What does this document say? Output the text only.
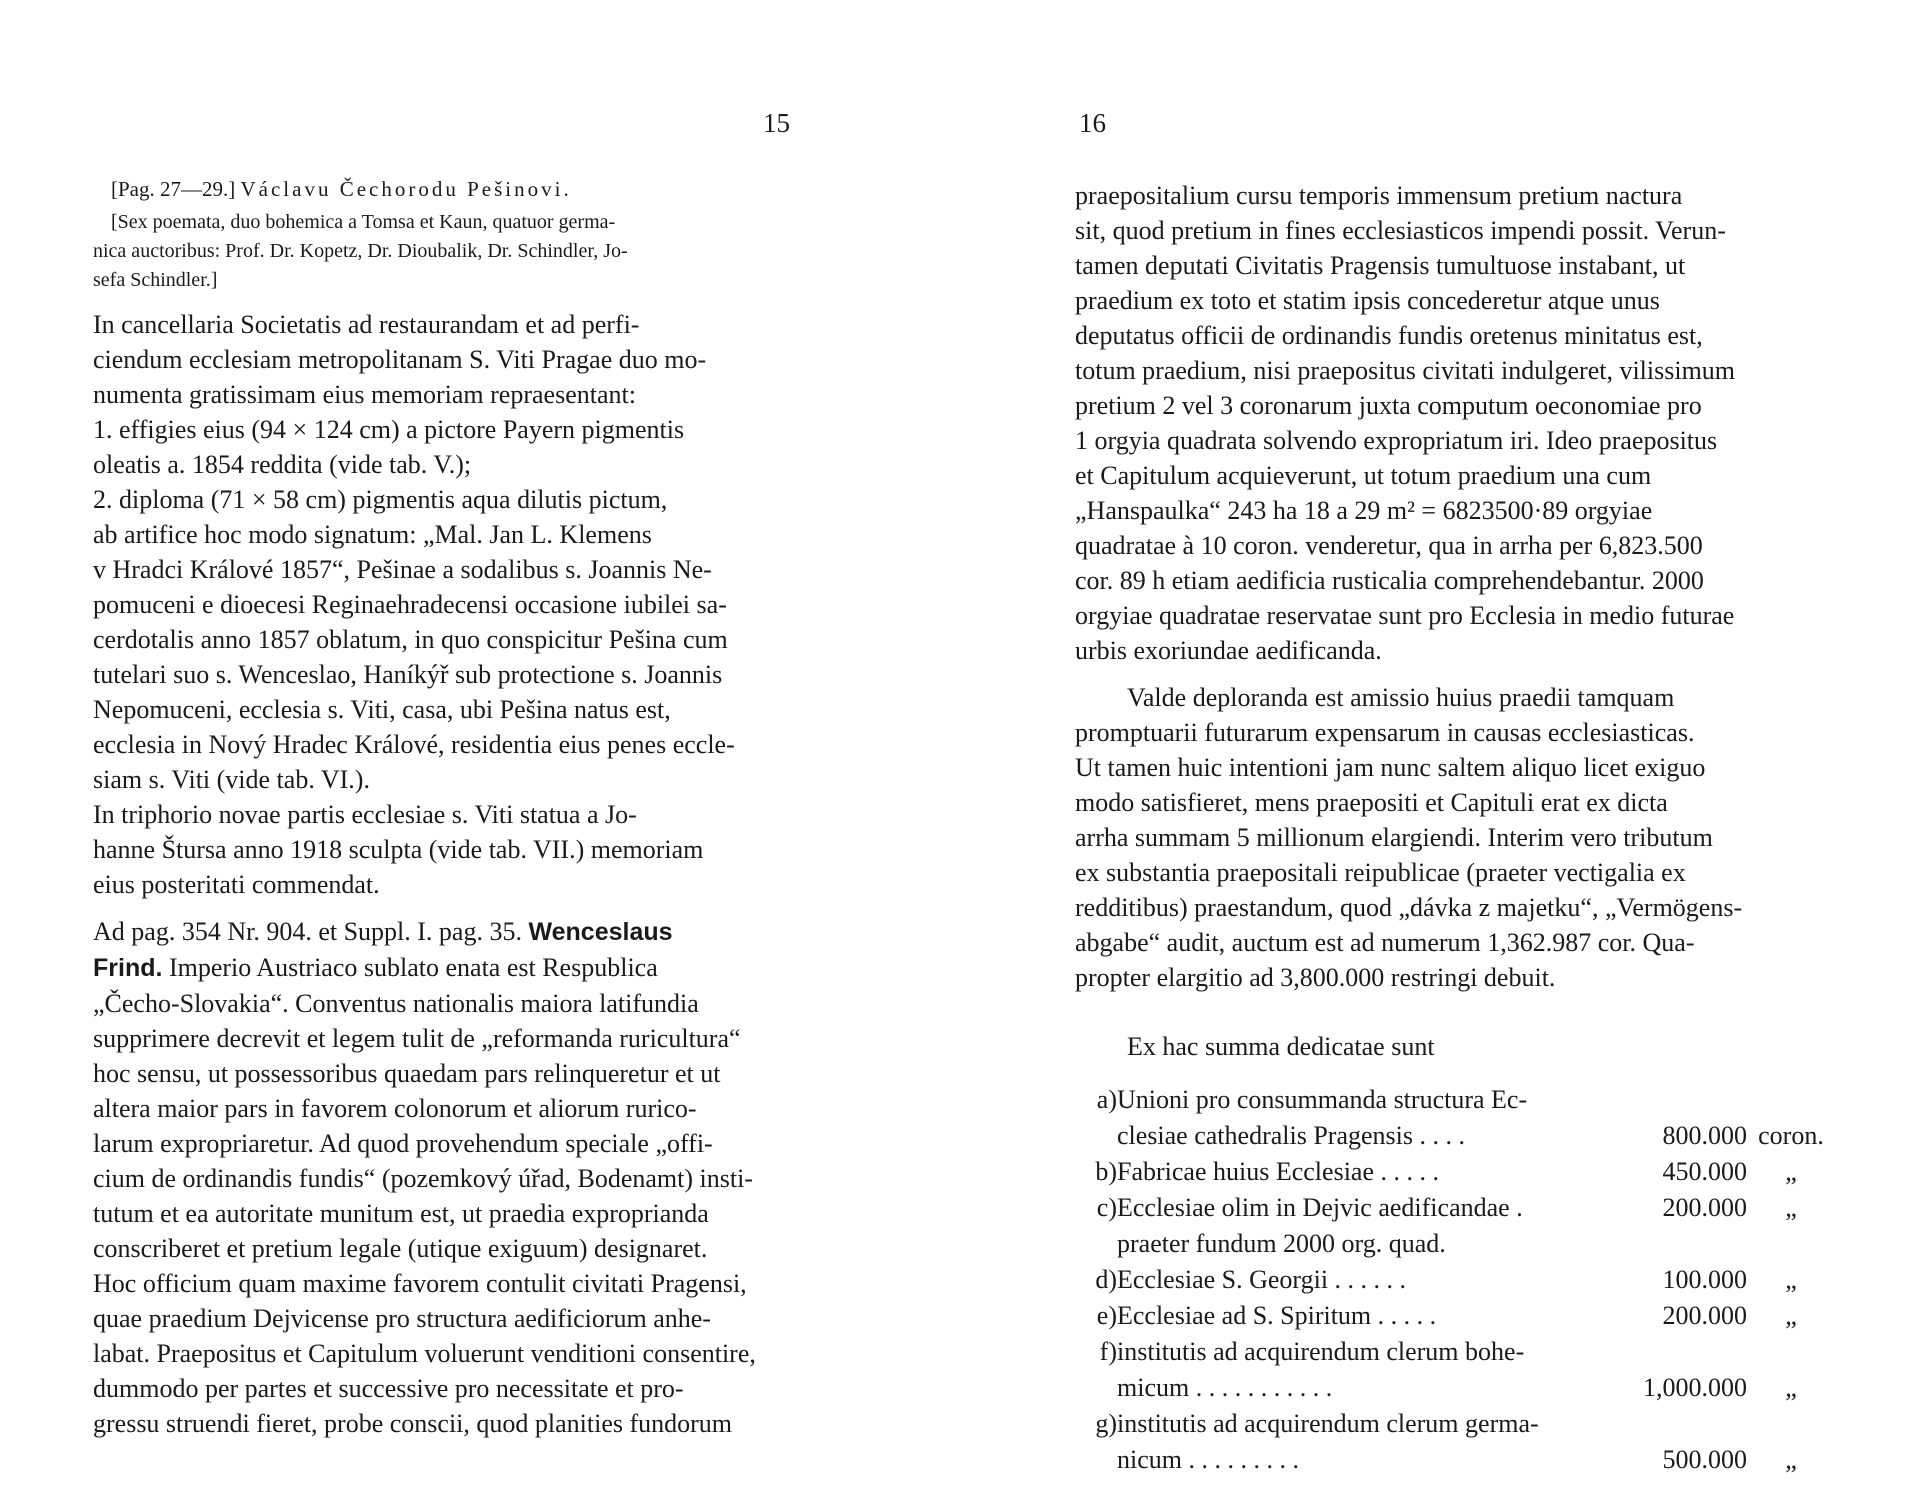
15
[Pag. 27—29.] Václavu Čechorodu Pešinovi.
[Sex poemata, duo bohemica a Tomsa et Kaun, quatuor germa-
nica auctoribus: Prof. Dr. Kopetz, Dr. Dioubalik, Dr. Schindler, Jo-
sefa Schindler.]
In cancellaria Societatis ad restaurandam et ad perfi-
ciendum ecclesiam metropolitanam S. Viti Pragae duo mo-
numenta gratissimam eius memoriam repraesentant:
1. effigies eius (94 × 124 cm) a pictore Payern pigmentis
oleatis a. 1854 reddita (vide tab. V.);
2. diploma (71 × 58 cm) pigmentis aqua dilutis pictum,
ab artifice hoc modo signatum: „Mal. Jan L. Klemens
v Hradci Králové 1857“, Pešinae a sodalibus s. Joannis Ne-
pomuceni e dioecesi Reginaehradecensi occasione iubilei sa-
cerdotalis anno 1857 oblatum, in quo conspicitur Pešina cum
tutelari suo s. Wenceslao, Haníkýř sub protectione s. Joannis
Nepomuceni, ecclesia s. Viti, casa, ubi Pešina natus est,
ecclesia in Nový Hradec Králové, residentia eius penes eccle-
siam s. Viti (vide tab. VI.).
In triphorio novae partis ecclesiae s. Viti statua a Jo-
hanne Štursa anno 1918 sculpta (vide tab. VII.) memoriam
eius posteritati commendat.
Ad pag. 354 Nr. 904. et Suppl. I. pag. 35. Wenceslaus
Frind. Imperio Austriaco sublato enata est Respublica
„Čecho-Slovakia“. Conventus nationalis maiora latifundia
supprimere decrevit et legem tulit de „reformanda ruricultura“
hoc sensu, ut possessoribus quaedam pars relinqueretur et ut
altera maior pars in favorem colonorum et aliorum rurico-
larum expropriaretur. Ad quod provehendum speciale „offi-
cium de ordinandis fundis“ (pozemkový úřad, Bodenamt) insti-
tutum et ea autoritate munitum est, ut praedia exproprianda
conscriberet et pretium legale (utique exiguum) designaret.
Hoc officium quam maxime favorem contulit civitati Pragensi,
quae praedium Dejvicense pro structura aedificiorum anhe-
labat. Praepositus et Capitulum voluerunt venditioni consentire,
dummodo per partes et successive pro necessitate et pro-
gressu struendi fieret, probe conscii, quod planities fundorum
16
praepositalium cursu temporis immensum pretium nactura
sit, quod pretium in fines ecclesiasticos impendi possit. Verun-
tamen deputati Civitatis Pragensis tumultuose instabant, ut
praedium ex toto et statim ipsis concederetur atque unus
deputatus officii de ordinandis fundis oretenus minitatus est,
totum praedium, nisi praepositus civitati indulgeret, vilissimum
pretium 2 vel 3 coronarum juxta computum oeconomiae pro
1 orgyia quadrata solvendo expropriatum iri. Ideo praepositus
et Capitulum acquieverunt, ut totum praedium una cum
„Hanspaulka“ 243 ha 18 a 29 m² = 6823500·89 orgyiae
quadratae à 10 coron. venderetur, qua in arrha per 6,823.500
cor. 89 h etiam aedificia rusticalia comprehendebantur. 2000
orgyiae quadratae reservatae sunt pro Ecclesia in medio futurae
urbis exoriundae aedificanda.
Valde deploranda est amissio huius praedii tamquam
promptuarii futurarum expensarum in causas ecclesiasticas.
Ut tamen huic intentioni jam nunc saltem aliquo licet exiguo
modo satisfieret, mens praepositi et Capituli erat ex dicta
arrha summam 5 millionum elargiendi. Interim vero tributum
ex substantia praepositali reipublicae (praeter vectigalia ex
redditibus) praestandum, quod „dávka z majetku“, „Vermögens-
abgabe“ audit, auctum est ad numerum 1,362.987 cor. Qua-
propter elargitio ad 3,800.000 restringi debuit.
Ex hac summa dedicatae sunt
a)	Unioni pro consummanda structura Ec-		
	clesiae cathedralis Pragensis . . . .	800.000	coron.
b)	Fabricae huius Ecclesiae . . . . .	450.000	„
c)	Ecclesiae olim in Dejvic aedificandae .	200.000	„
	praeter fundum 2000 org. quad.		
d)	Ecclesiae S. Georgii . . . . . .	100.000	„
e)	Ecclesiae ad S. Spiritum . . . . .	200.000	„
f)	institutis ad acquirendum clerum bohe-		
	micum . . . . . . . . . . .	1,000.000	„
g)	institutis ad acquirendum clerum germa-		
	nicum . . . . . . . . .	500.000	„
